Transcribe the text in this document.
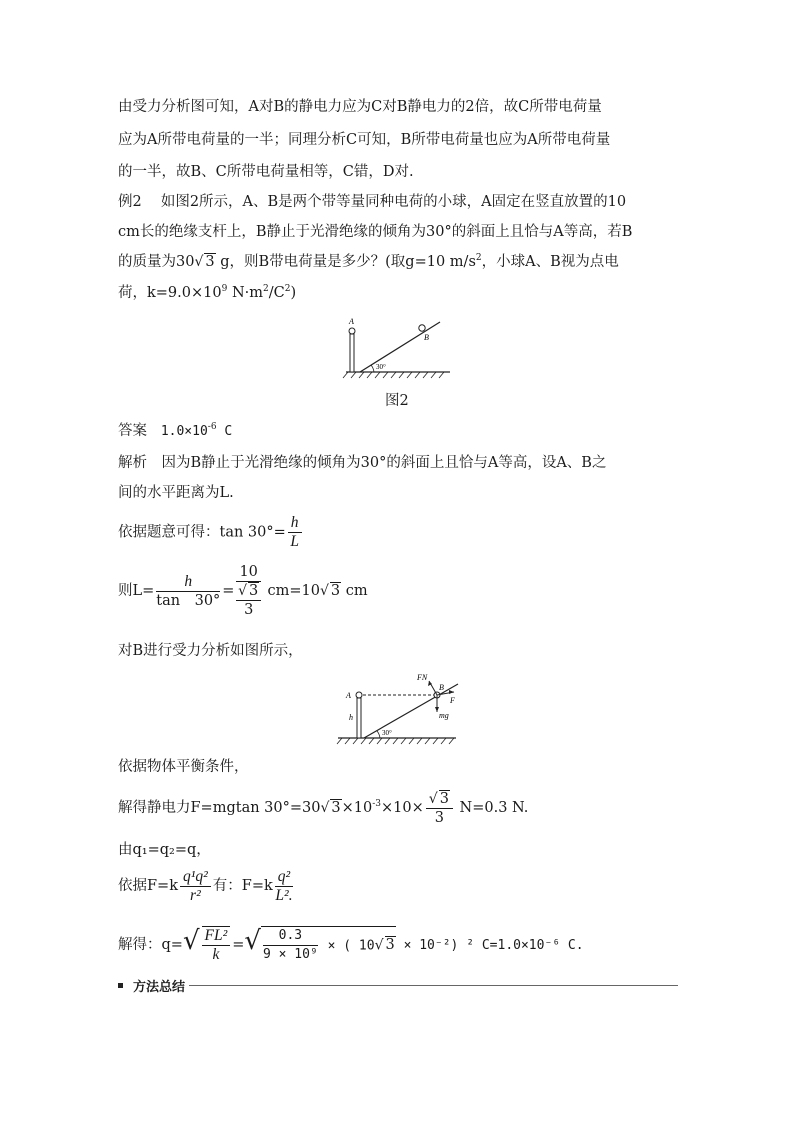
由受力分析图可知，A对B的静电力应为C对B静电力的2倍，故C所带电荷量
应为A所带电荷量的一半；同理分析C可知，B所带电荷量也应为A所带电荷量
的一半，故B、C所带电荷量相等，C错，D对.
例2　 如图2所示，A、B是两个带等量同种电荷的小球，A固定在竖直放置的10
cm长的绝缘支杆上，B静止于光滑绝缘的倾角为30°的斜面上且恰与A等高，若B
的质量为30√ 3 g，则B带电荷量是多少？(取g=10 $m/s^2$，小球A、B视为点电
荷，$k=9.0\times 10^9$ $N\cdot m^2/C^2$)
A
B
30°
图2
答案 $1.0\times 10^{-6}$ C
解析　因为B静止于光滑绝缘的倾角为30°的斜面上且恰与A等高，设A、B之
间的水平距离为L.
依据题意可得：$\tan 30^\circ= \frac{h}{L}$
则$L= \frac{h}{\tan 30^\circ}$ =
10
√ 3
3
cm=10√ 3 cm
对B进行受力分析如图所示，
FN
B
F
mg
A
h
30°
依据物体平衡条件，
解得静电力F=mgtan 30°=30√ $3\times 10^{-3}\times 10\times \frac{√ 3}{3} N=0.3$ N.
由q₁=q₂=q，
依据$F=k \frac{\text{q¹q²}}{\text{r²}}$ 有：$F=k \frac{\text{q²}}{\text{L².}}$
解得：$q=√ \frac{\text{FL²}}{k}$ =√ $\frac{0.3}{\text{9 × 10⁹}}$ × ( 10√ 3 × 10⁻²) ² C=1.0×10⁻⁶ C.
方法总结
